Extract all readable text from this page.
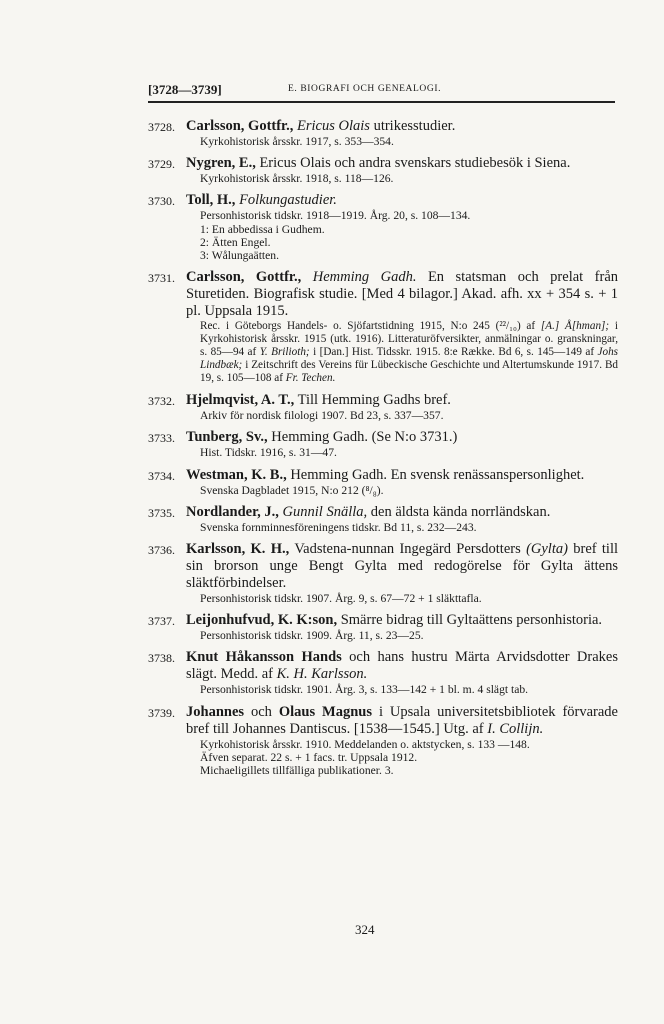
[3728—3739]	E. BIOGRAFI OCH GENEALOGI.
3728. Carlsson, Gottfr., Ericus Olais utrikesstudier.
Kyrkohistorisk årsskr. 1917, s. 353—354.
3729. Nygren, E., Ericus Olais och andra svenskars studiebesök i Siena.
Kyrkohistorisk årsskr. 1918, s. 118—126.
3730. Toll, H., Folkungastudier.
Personhistorisk tidskr. 1918—1919. Årg. 20, s. 108—134.
1: En abbedissa i Gudhem.
2: Ätten Engel.
3: Wålungaätten.
3731. Carlsson, Gottfr., Hemming Gadh. En statsman och prelat från Sturetiden. Biografisk studie. [Med 4 bilagor.] Akad. afh. xx + 354 s. + 1 pl. Uppsala 1915.
Rec. i Göteborgs Handels- o. Sjöfartstidning 1915, N:o 245 (²²/₁₀) af [A.] Å[hman]; i Kyrkohistorisk årsskr. 1915 (utk. 1916). Litteraturöfversikter, anmälningar o. granskningar, s. 85—94 af Y. Brilioth; i [Dan.] Hist. Tidsskr. 1915. 8:e Række. Bd 6, s. 145—149 af Johs Lindbæk; i Zeitschrift des Vereins für Lübeckische Geschichte und Altertumskunde 1917. Bd 19, s. 105—108 af Fr. Techen.
3732. Hjelmqvist, A. T., Till Hemming Gadhs bref.
Arkiv för nordisk filologi 1907. Bd 23, s. 337—357.
3733. Tunberg, Sv., Hemming Gadh. (Se N:o 3731.)
Hist. Tidskr. 1916, s. 31—47.
3734. Westman, K. B., Hemming Gadh. En svensk renässanspersonlighet.
Svenska Dagbladet 1915, N:o 212 (⁸/₈).
3735. Nordlander, J., Gunnil Snälla, den äldsta kända norrländskan.
Svenska fornminnesföreningens tidskr. Bd 11, s. 232—243.
3736. Karlsson, K. H., Vadstena-nunnan Ingegärd Persdotters (Gylta) bref till sin brorson unge Bengt Gylta med redogörelse för Gylta ättens släktförbindelser.
Personhistorisk tidskr. 1907. Årg. 9, s. 67—72 + 1 släkttafla.
3737. Leijonhufvud, K. K:son, Smärre bidrag till Gyltaättens personhistoria.
Personhistorisk tidskr. 1909. Årg. 11, s. 23—25.
3738. Knut Håkansson Hands och hans hustru Märta Arvidsdotter Drakes slägt. Medd. af K. H. Karlsson.
Personhistorisk tidskr. 1901. Årg. 3, s. 133—142 + 1 bl. m. 4 slägt tab.
3739. Johannes och Olaus Magnus i Upsala universitetsbibliotek förvarade bref till Johannes Dantiscus. [1538—1545.] Utg. af I. Collijn.
Kyrkohistorisk årsskr. 1910. Meddelanden o. aktstycken, s. 133 —148.
Äfven separat. 22 s. + 1 facs. tr. Uppsala 1912.
Michaeligillets tillfälliga publikationer. 3.
324
